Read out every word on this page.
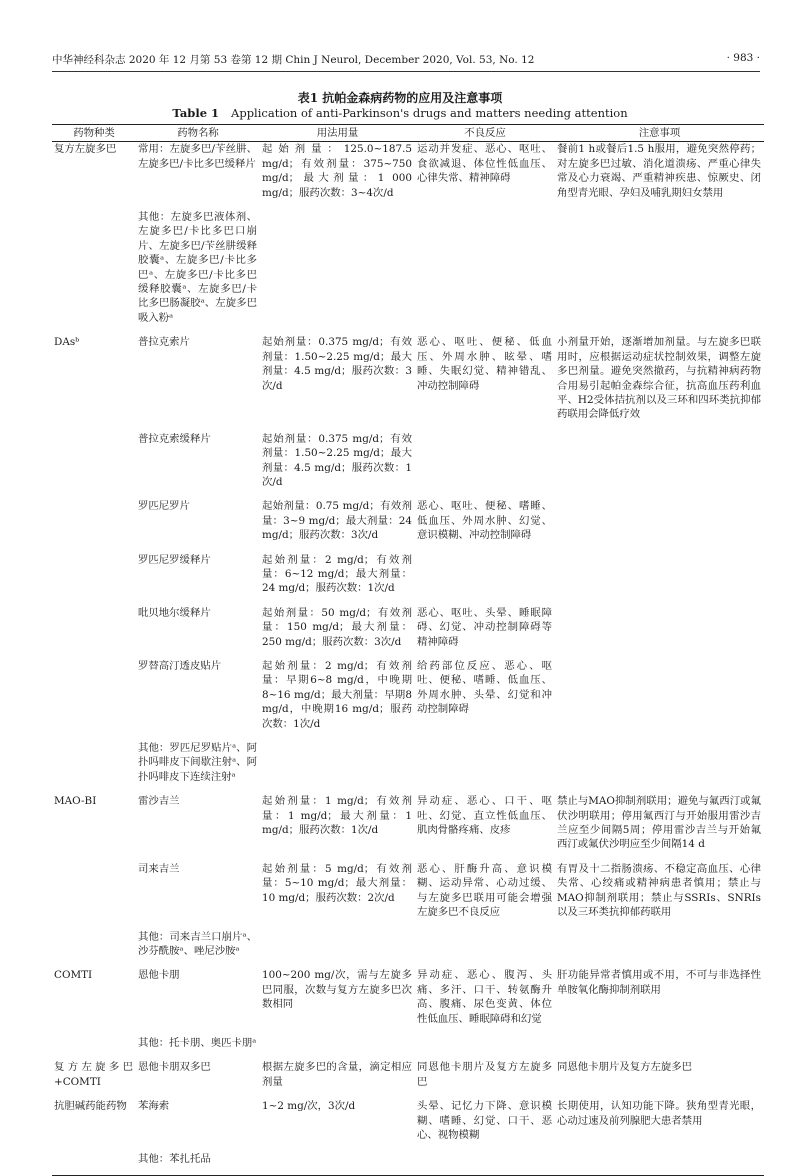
中华神经科杂志 2020 年 12 月第 53 卷第 12 期 Chin J Neurol, December 2020, Vol. 53, No. 12	· 983 ·
表1 抗帕金森病药物的应用及注意事项
Table 1 Application of anti-Parkinson's drugs and matters needing attention
药物种类	药物名称	用法用量	不良反应	注意事项
复方左旋多巴	常用：左旋多巴/苄丝肼、左旋多巴/卡比多巴缓释片	起始剂量：125.0~187.5 mg/d；有效剂量：375~750 mg/d；最大剂量：1 000 mg/d；服药次数：3~4次/d	运动并发症、恶心、呕吐、食欲减退、体位性低血压、心律失常、精神障碍	餐前1 h或餐后1.5 h服用，避免突然停药；对左旋多巴过敏、消化道溃疡、严重心律失常及心力衰竭、严重精神疾患、惊厥史、闭角型青光眼、孕妇及哺乳期妇女禁用
	其他：左旋多巴液体剂、左旋多巴/卡比多巴口崩片、左旋多巴/苄丝肼缓释胶囊ᵃ、左旋多巴/卡比多巴ᵃ、左旋多巴/卡比多巴缓释胶囊ᵃ、左旋多巴/卡比多巴肠凝胶ᵃ、左旋多巴吸入粉ᵃ			
DAsᵇ	普拉克索片	起始剂量：0.375 mg/d；有效剂量：1.50~2.25 mg/d；最大剂量：4.5 mg/d；服药次数：3次/d	恶心、呕吐、便秘、低血压、外周水肿、眩晕、嗜睡、失眠幻觉、精神错乱、冲动控制障碍	小剂量开始，逐渐增加剂量。与左旋多巴联用时，应根据运动症状控制效果，调整左旋多巴剂量。避免突然撤药，与抗精神病药物合用易引起帕金森综合征，抗高血压药利血平、H2受体拮抗剂以及三环和四环类抗抑郁药联用会降低疗效
	普拉克索缓释片	起始剂量：0.375 mg/d；有效剂量：1.50~2.25 mg/d；最大剂量：4.5 mg/d；服药次数：1次/d		
	罗匹尼罗片	起始剂量：0.75 mg/d；有效剂量：3~9 mg/d；最大剂量：24 mg/d；服药次数：3次/d	恶心、呕吐、便秘、嗜睡、低血压、外周水肿、幻觉、意识模糊、冲动控制障碍	
	罗匹尼罗缓释片	起始剂量：2 mg/d；有效剂量：6~12 mg/d；最大剂量：24 mg/d；服药次数：1次/d		
	吡贝地尔缓释片	起始剂量：50 mg/d；有效剂量：150 mg/d；最大剂量：250 mg/d；服药次数：3次/d	恶心、呕吐、头晕、睡眠障碍、幻觉、冲动控制障碍等精神障碍	
	罗替高汀透皮贴片	起始剂量：2 mg/d；有效剂量：早期6~8 mg/d，中晚期8~16 mg/d；最大剂量：早期8 mg/d，中晚期16 mg/d；服药次数：1次/d	给药部位反应、恶心、呕吐、便秘、嗜睡、低血压、外周水肿、头晕、幻觉和冲动控制障碍	
	其他：罗匹尼罗贴片ᵃ、阿扑吗啡皮下间歇注射ᵃ、阿扑吗啡皮下连续注射ᵃ			
MAO-BI	雷沙吉兰	起始剂量：1 mg/d；有效剂量：1 mg/d；最大剂量：1 mg/d；服药次数：1次/d	异动症、恶心、口干、呕吐、幻觉、直立性低血压、肌肉骨骼疼痛、皮疹	禁止与MAO抑制剂联用；避免与氟西汀或氟伏沙明联用；停用氟西汀与开始服用雷沙吉兰应至少间隔5周；停用雷沙吉兰与开始氟西汀或氟伏沙明应至少间隔14 d
	司来吉兰	起始剂量：5 mg/d；有效剂量：5~10 mg/d；最大剂量：10 mg/d；服药次数：2次/d	恶心、肝酶升高、意识模糊、运动异常、心动过缓、与左旋多巴联用可能会增强左旋多巴不良反应	有胃及十二指肠溃疡、不稳定高血压、心律失常、心绞痛或精神病患者慎用；禁止与MAO抑制剂联用；禁止与SSRIs、SNRIs以及三环类抗抑郁药联用
	其他：司来吉兰口崩片ᵃ、沙芬酰胺ᵃ、唑尼沙胺ᵃ			
COMTI	恩他卡朋	100~200 mg/次，需与左旋多巴同服，次数与复方左旋多巴次数相同	异动症、恶心、腹泻、头痛、多汗、口干、转氨酶升高、腹痛、尿色变黄、体位性低血压、睡眠障碍和幻觉	肝功能异常者慎用或不用，不可与非选择性单胺氧化酶抑制剂联用
	其他：托卡朋、奥匹卡朋ᵃ			
复方左旋多巴+COMTI	恩他卡朋双多巴	根据左旋多巴的含量，滴定相应剂量	同恩他卡朋片及复方左旋多巴	同恩他卡朋片及复方左旋多巴
抗胆碱药能药物	苯海索	1~2 mg/次，3次/d	头晕、记忆力下降、意识模糊、嗜睡、幻觉、口干、恶心、视物模糊	长期使用，认知功能下降。狭角型青光眼，心动过速及前列腺肥大患者禁用
	其他：苯扎托品			
